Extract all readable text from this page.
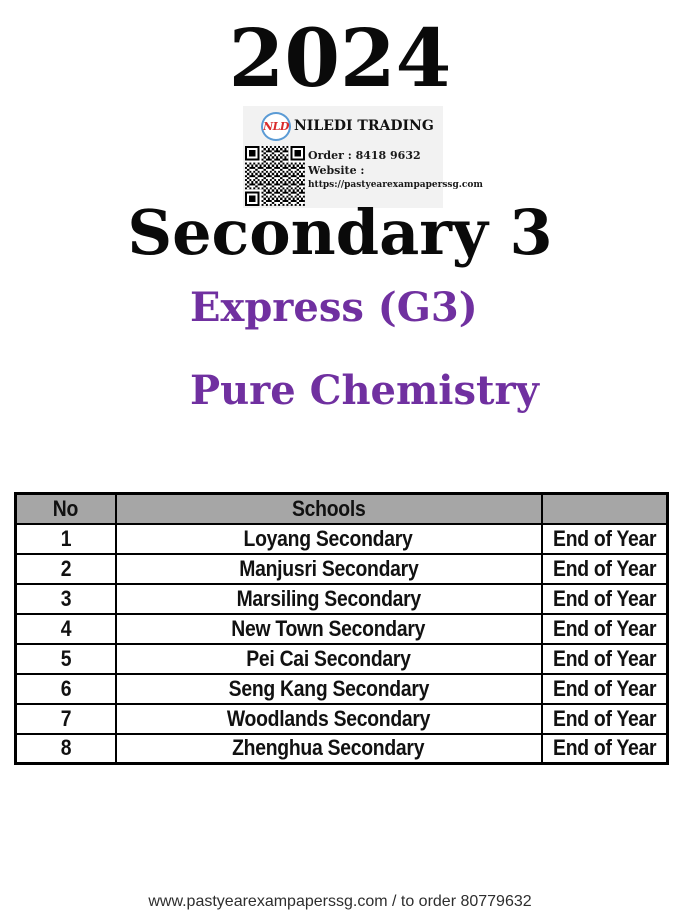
2024
NLD NILEDI TRADING
Order : 8418 9632
Website :
https://pastyearexampaperssg.com
Secondary 3
Express (G3)
Pure Chemistry
No	Schools	
1	Loyang Secondary	End of Year
2	Manjusri Secondary	End of Year
3	Marsiling Secondary	End of Year
4	New Town Secondary	End of Year
5	Pei Cai Secondary	End of Year
6	Seng Kang Secondary	End of Year
7	Woodlands Secondary	End of Year
8	Zhenghua Secondary	End of Year
www.pastyearexampaperssg.com / to order 80779632
